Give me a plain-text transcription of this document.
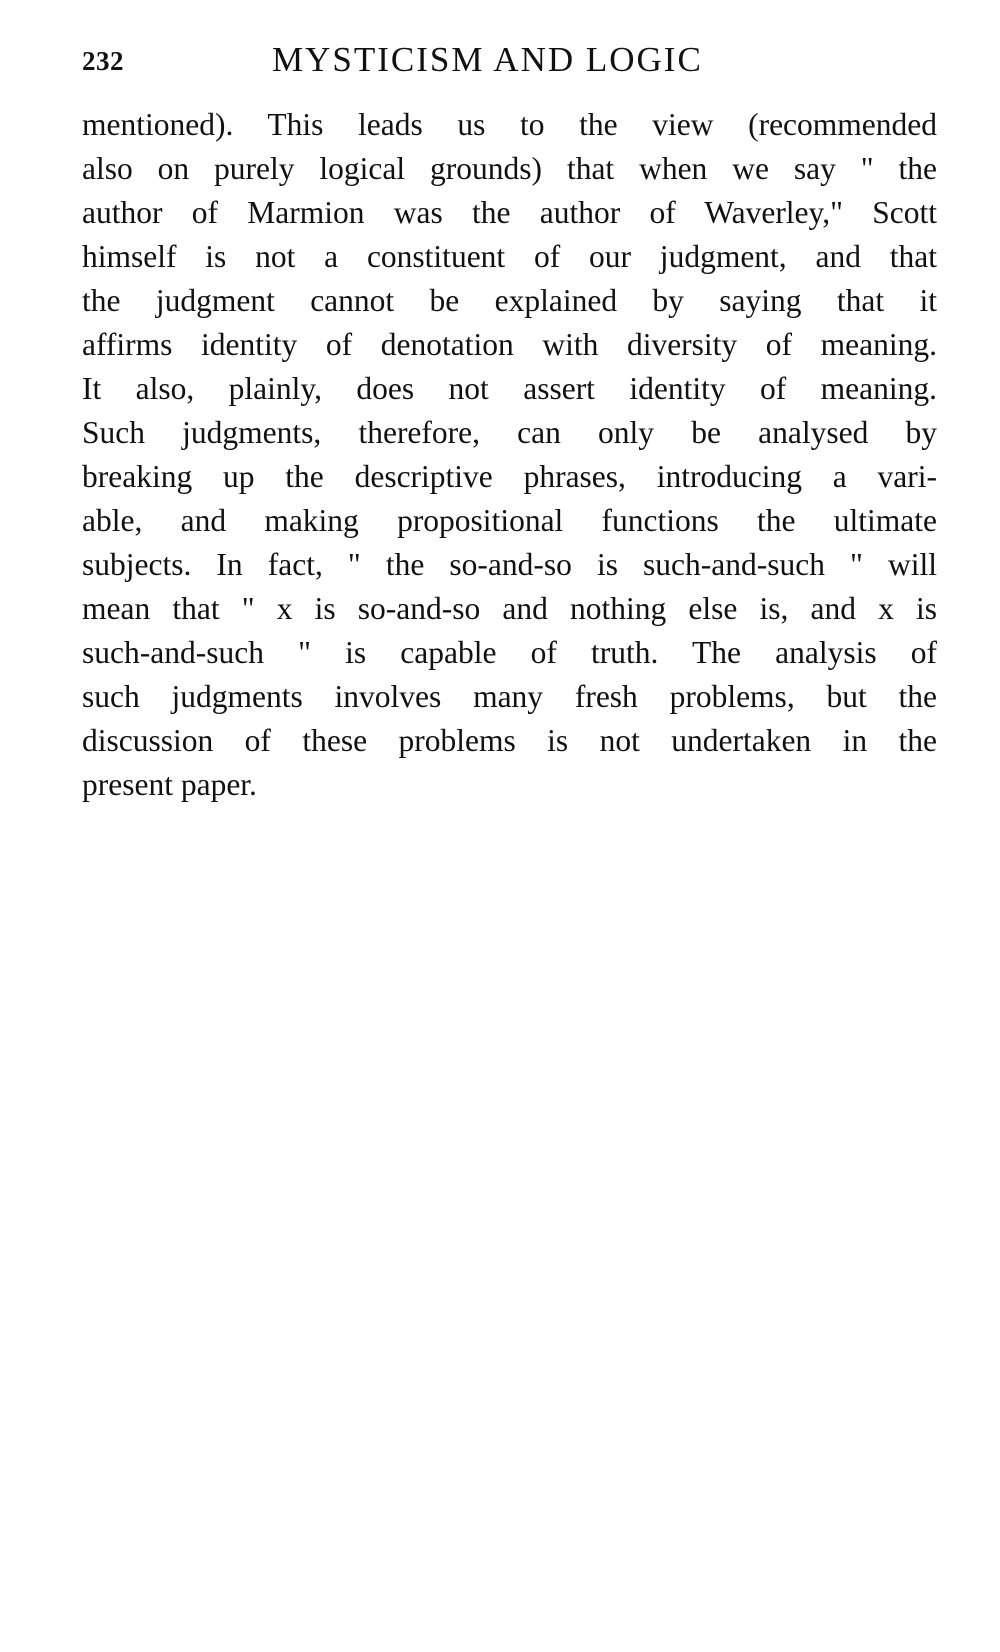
232	MYSTICISM AND LOGIC
mentioned). This leads us to the view (recommended
also on purely logical grounds) that when we say " the
author of Marmion was the author of Waverley," Scott
himself is not a constituent of our judgment, and that
the judgment cannot be explained by saying that it
affirms identity of denotation with diversity of meaning.
It also, plainly, does not assert identity of meaning.
Such judgments, therefore, can only be analysed by
breaking up the descriptive phrases, introducing a vari-
able, and making propositional functions the ultimate
subjects. In fact, " the so-and-so is such-and-such " will
mean that " x is so-and-so and nothing else is, and x is
such-and-such " is capable of truth. The analysis of
such judgments involves many fresh problems, but the
discussion of these problems is not undertaken in the
present paper.
